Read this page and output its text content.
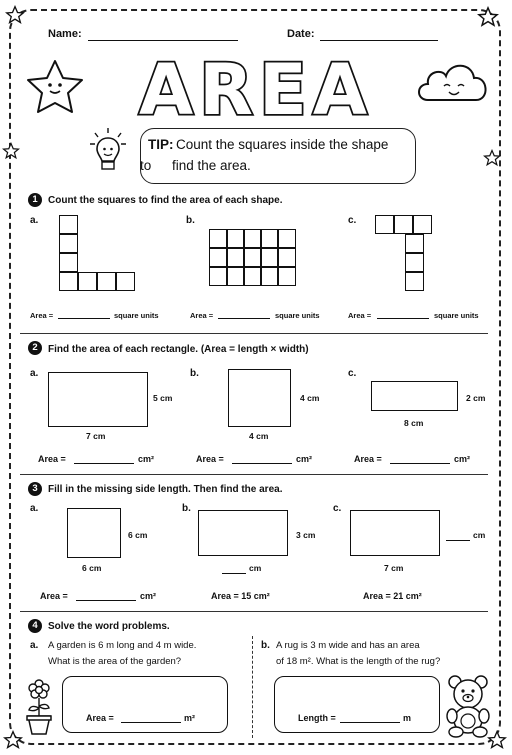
Name:	Date:
AREA
TIP: Count the squares inside the shape
to find the area.
1	Count the squares to find the area of each shape.
a.	b.	c.
Area =	square units	Area =	square units	Area =	square units
2	Find the area of each rectangle. (Area = length × width)
a.
5 cm
7 cm
b.
4 cm
4 cm
c.
2 cm
8 cm
Area =	cm²	Area =	cm²	Area =	cm²
3	Fill in the missing side length. Then find the area.
a.
6 cm
6 cm
b.
3 cm
cm
c.
cm
7 cm
Area =	cm²	Area = 15 cm²	Area = 21 cm²
4	Solve the word problems.
a. A garden is 6 m long and 4 m wide.
What is the area of the garden?
b. A rug is 3 m wide and has an area
of 18 m². What is the length of the rug?
Area =	m²	Length =	m
